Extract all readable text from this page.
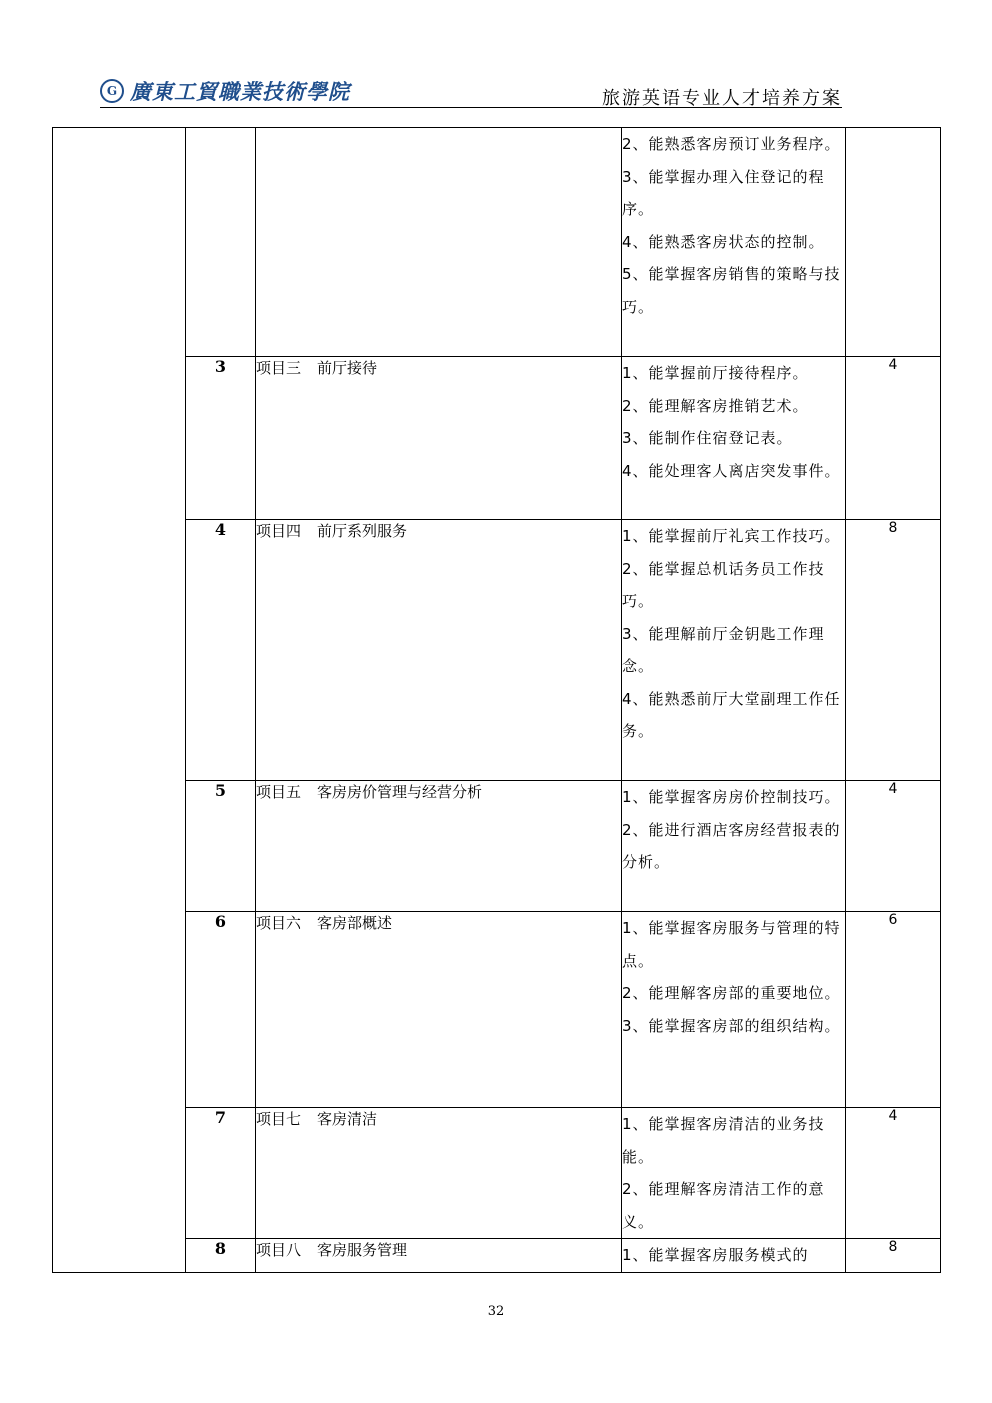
G 廣東工貿職業技術學院	旅游英语专业人才培养方案

			2、能熟悉客房预订业务程序。
3、能掌握办理入住登记的程序。
4、能熟悉客房状态的控制。
5、能掌握客房销售的策略与技巧。	

	3	项目三 前厅接待	1、能掌握前厅接待程序。
2、能理解客房推销艺术。
3、能制作住宿登记表。
4、能处理客人离店突发事件。	4
	4	项目四 前厅系列服务	1、能掌握前厅礼宾工作技巧。
2、能掌握总机话务员工作技巧。
3、能理解前厅金钥匙工作理念。
4、能熟悉前厅大堂副理工作任务。	8
	5	项目五 客房房价管理与经营分析	1、能掌握客房房价控制技巧。
2、能进行酒店客房经营报表的分析。	4
	6	项目六 客房部概述	1、能掌握客房服务与管理的特点。
2、能理解客房部的重要地位。
3、能掌握客房部的组织结构。	6
	7	项目七 客房清洁	1、能掌握客房清洁的业务技能。
2、能理解客房清洁工作的意义。	4
	8	项目八 客房服务管理	1、能掌握客房服务模式的	8
32
